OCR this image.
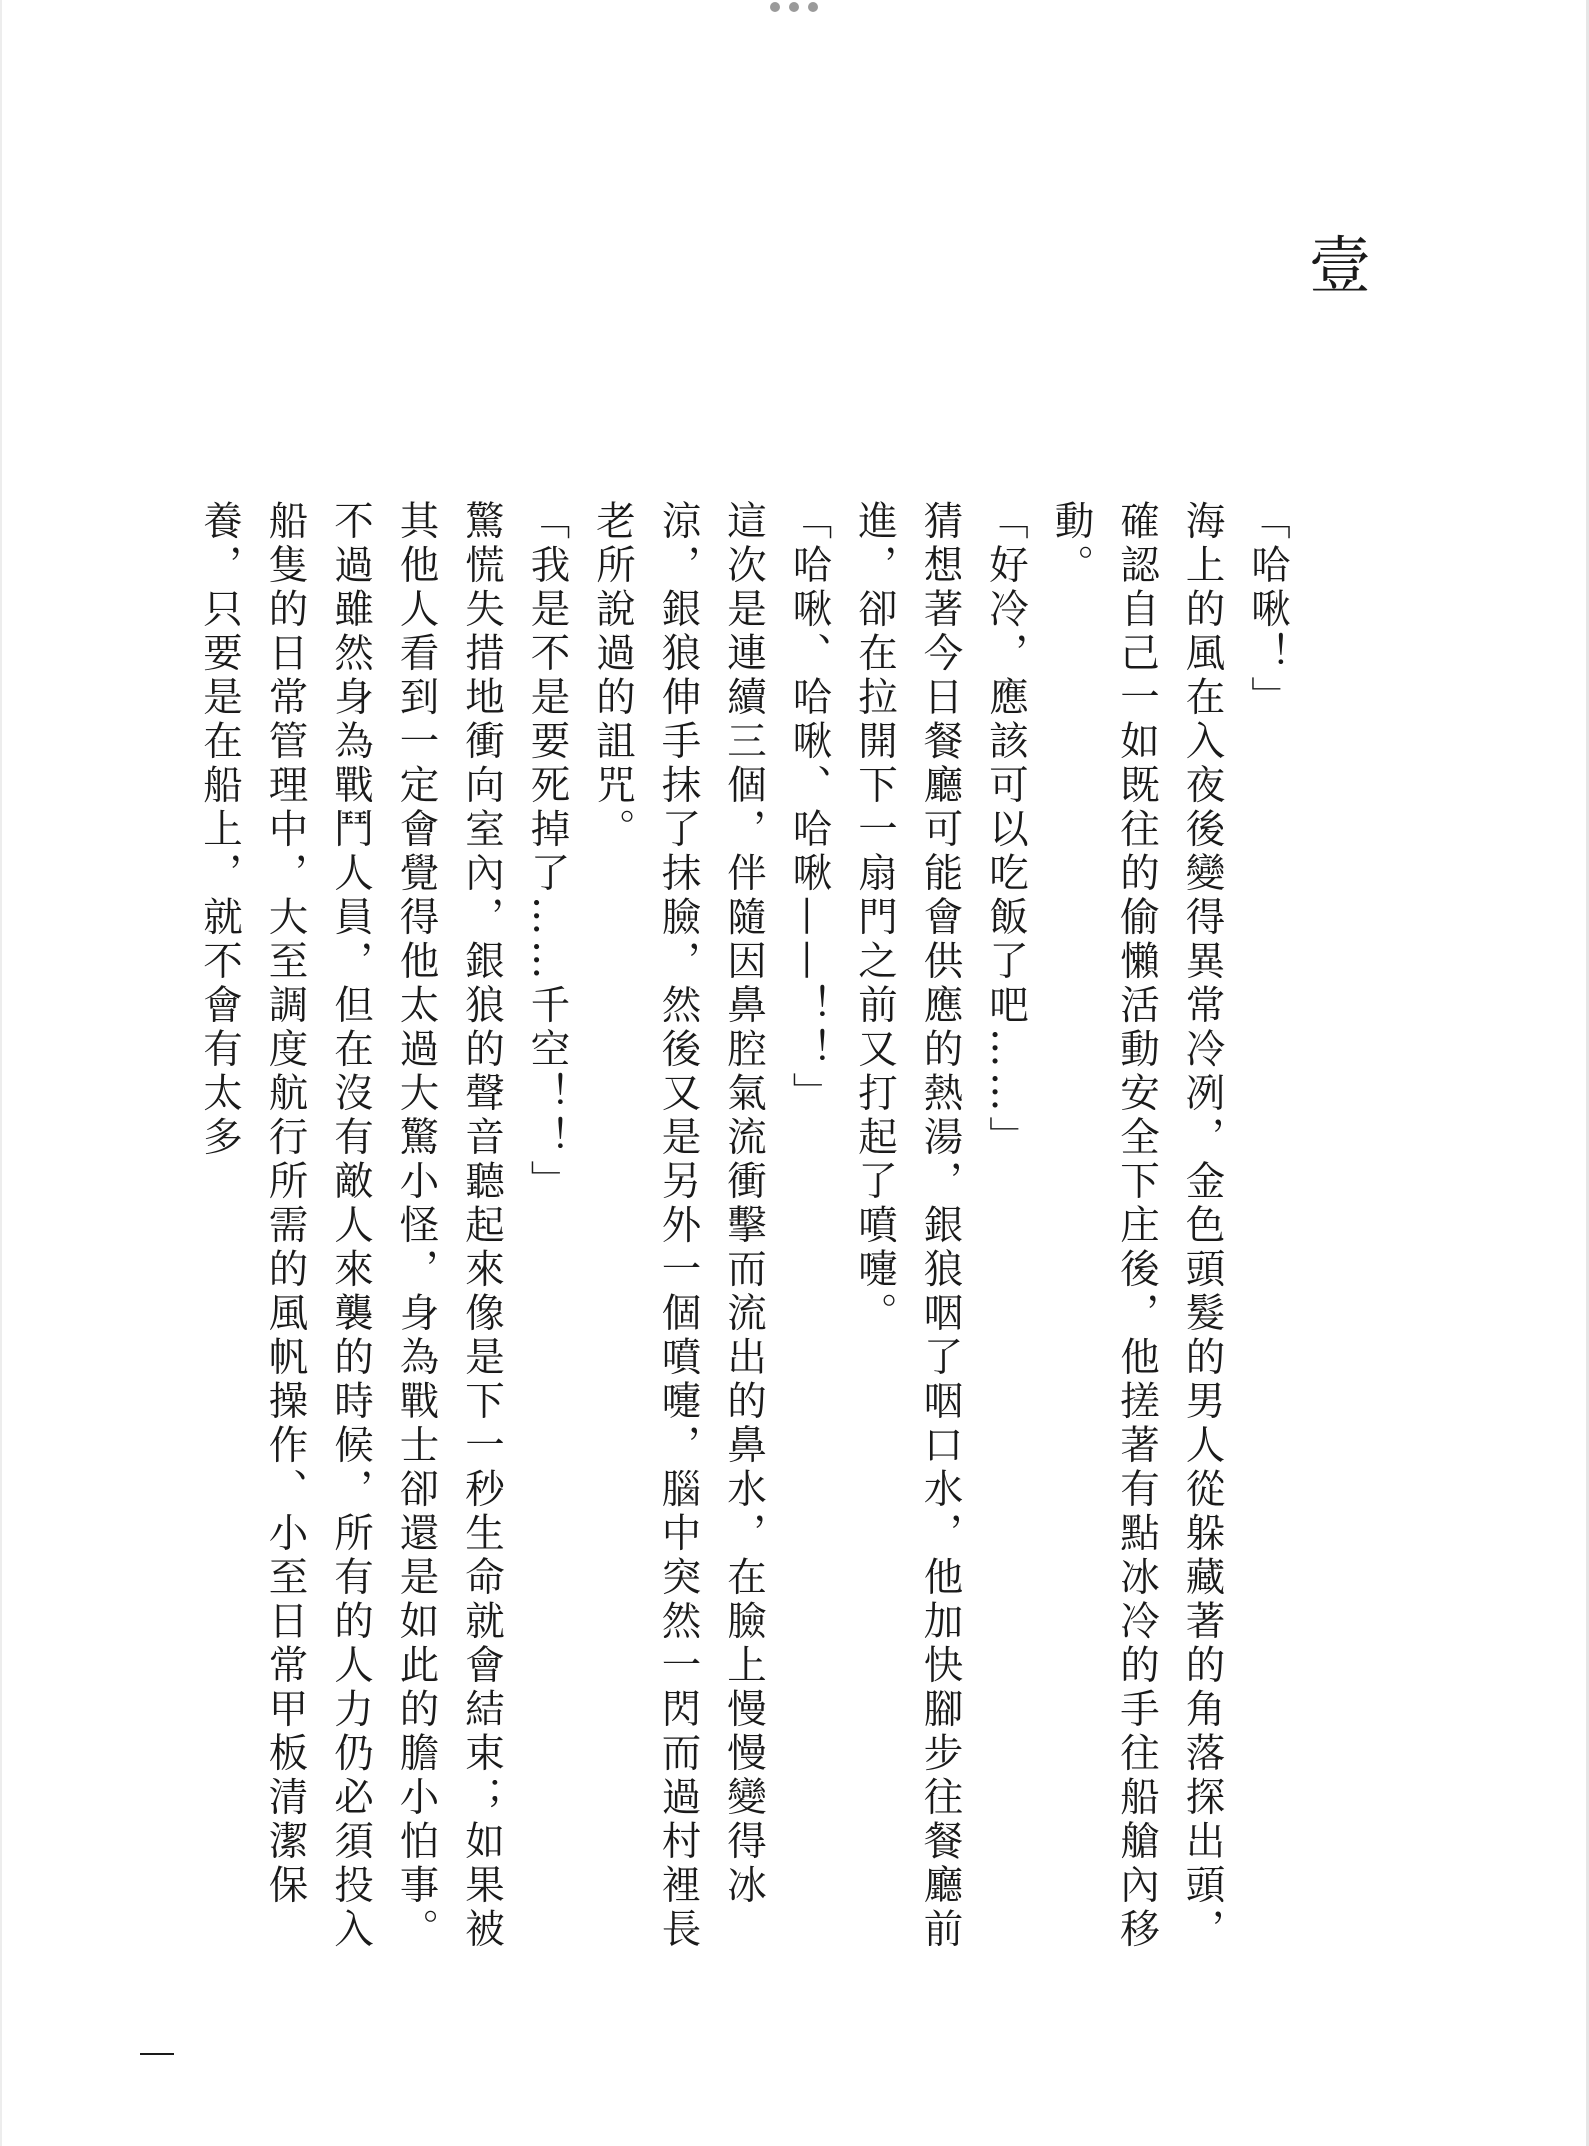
壹

「哈啾！」

海上的風在入夜後變得異常冷冽，金色頭髮的男人從躲藏著的角落探出頭，確認自己一如既往的偷懶活動安全下庄後，他搓著有點冰冷的手往船艙內移動。

「好冷，應該可以吃飯了吧……」

猜想著今日餐廳可能會供應的熱湯，銀狼咽了咽口水，他加快腳步往餐廳前進，卻在拉開下一扇門之前又打起了噴嚏。

「哈啾、哈啾、哈啾——！！」

這次是連續三個，伴隨因鼻腔氣流衝擊而流出的鼻水，在臉上慢慢變得冰涼，銀狼伸手抹了抹臉，然後又是另外一個噴嚏，腦中突然一閃而過村裡長老所說過的詛咒。

「我是不是要死掉了……千空！！」

驚慌失措地衝向室內，銀狼的聲音聽起來像是下一秒生命就會結束；如果被其他人看到一定會覺得他太過大驚小怪，身為戰士卻還是如此的膽小怕事。不過雖然身為戰鬥人員，但在沒有敵人來襲的時候，所有的人力仍必須投入船隻的日常管理中，大至調度航行所需的風帆操作、小至日常甲板清潔保養，只要是在船上，就不會有太多
